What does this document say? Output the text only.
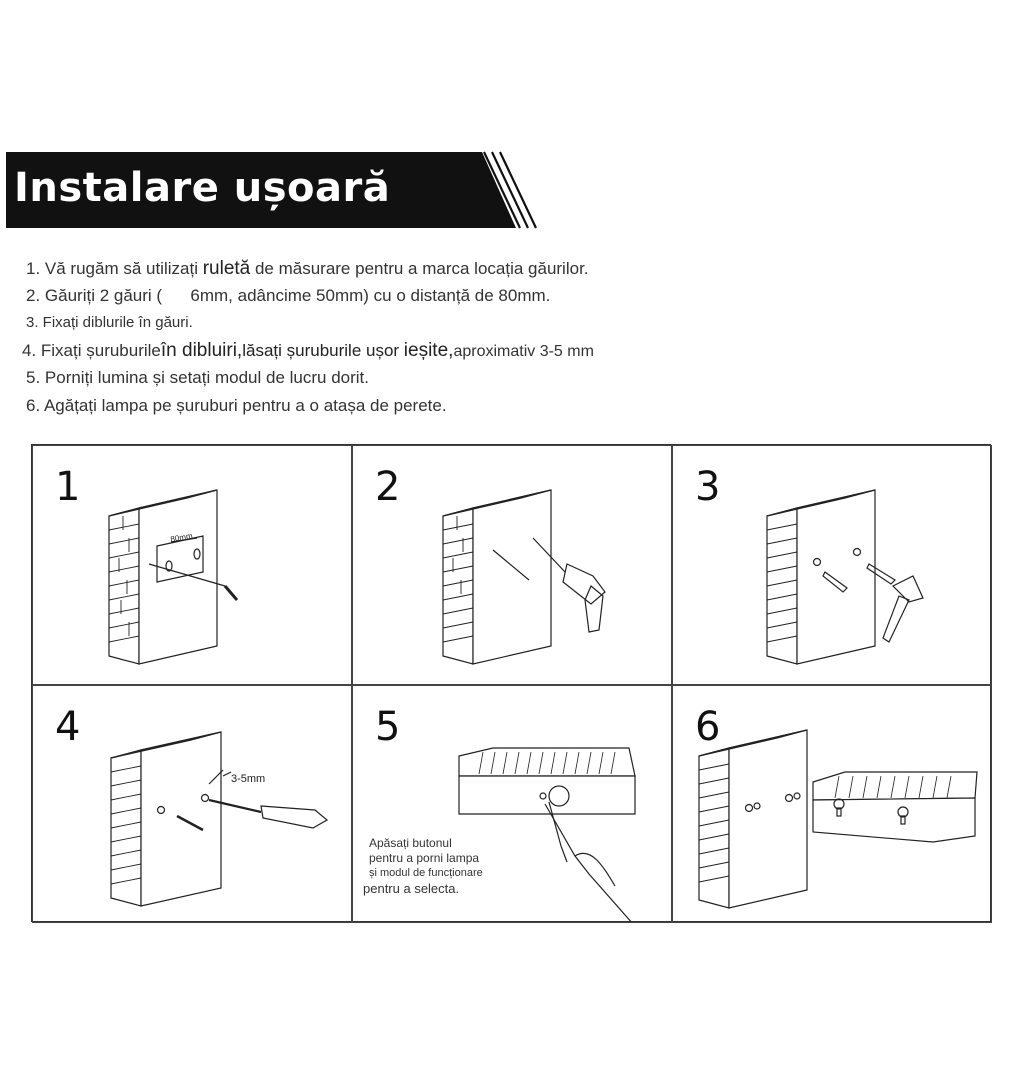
Instalare ușoară
1. Vă rugăm să utilizați ruletă de măsurare pentru a marca locația găurilor.
2. Găuriți 2 găuri (      6mm, adâncime 50mm) cu o distanță de 80mm.
3. Fixați diblurile în găuri.
4. Fixați șuruburileîn dibluiri,lăsați șuruburile ușor ieșite,aproximativ 3-5 mm
5. Porniți lumina și setați modul de lucru dorit.
6. Agățați lampa pe șuruburi pentru a o atașa de perete.
80mm
1	2	3
3-5mm
4
Apăsați butonul
pentru a porni lampa
și modul de funcționare
pentru a selecta.
5	6
